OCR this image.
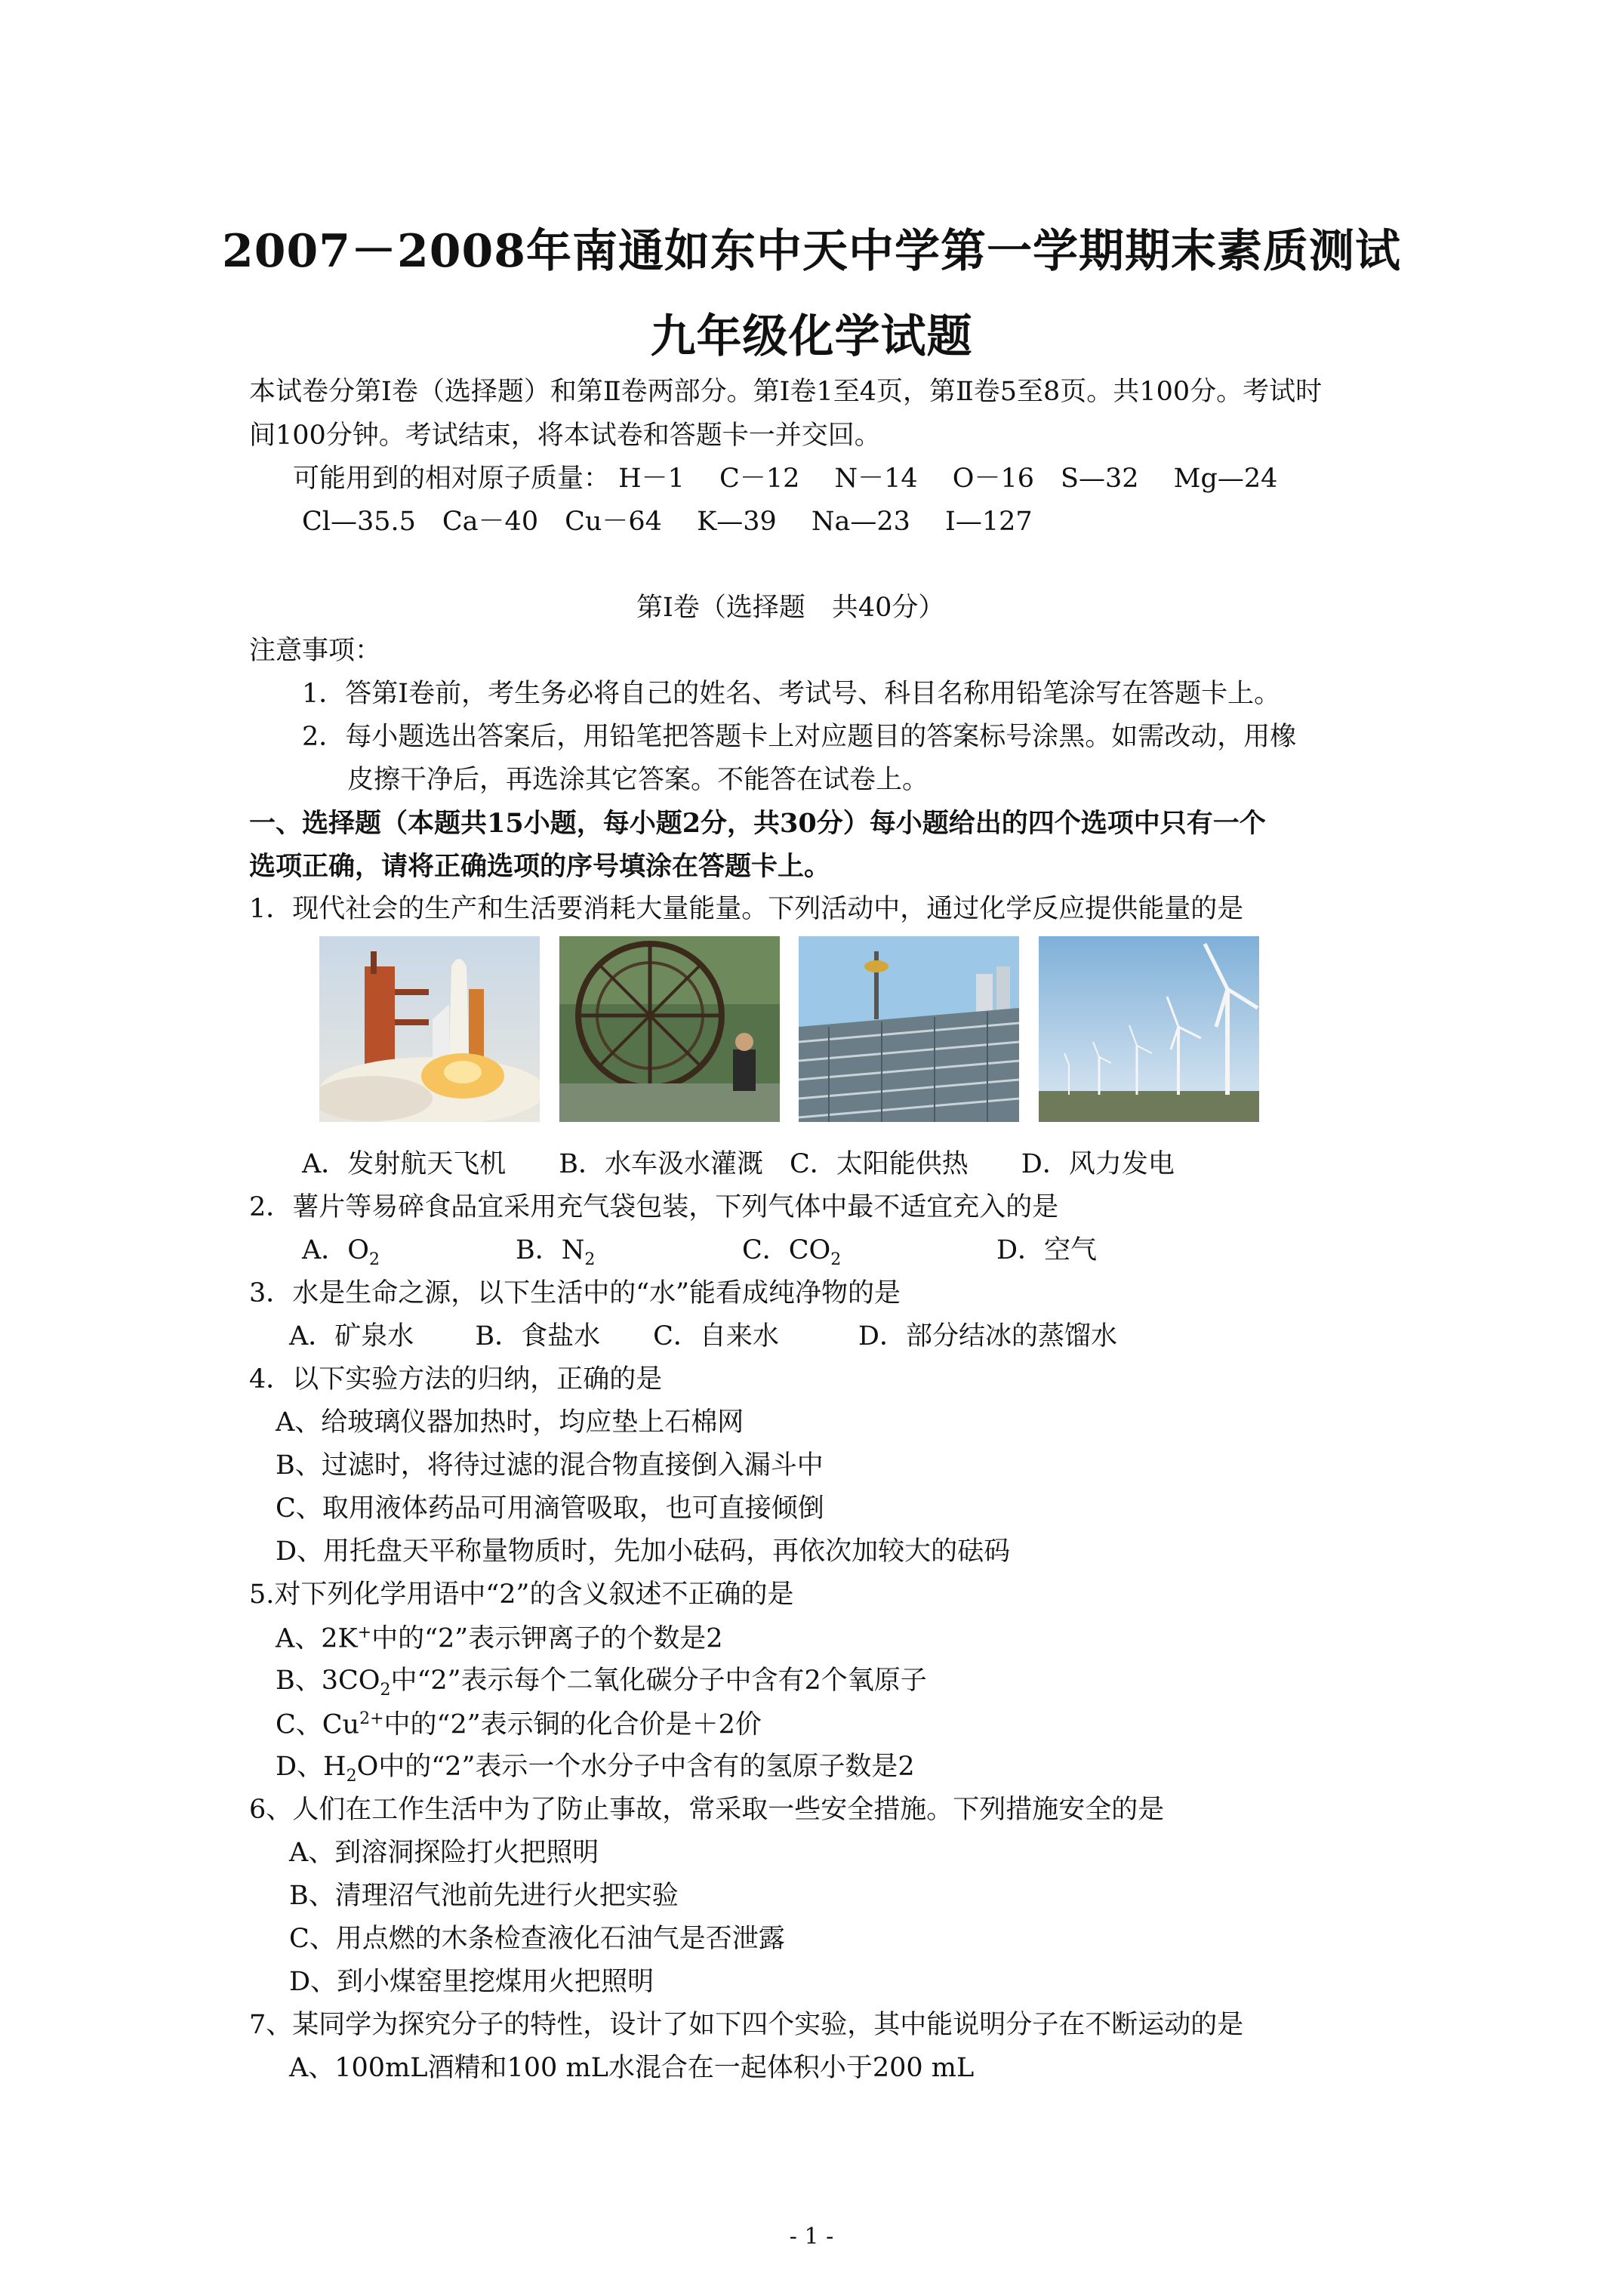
2007－2008年南通如东中天中学第一学期期末素质测试
九年级化学试题
本试卷分第Ⅰ卷（选择题）和第Ⅱ卷两部分。第Ⅰ卷1至4页，第Ⅱ卷5至8页。共100分。考试时
间100分钟。考试结束，将本试卷和答题卡一并交回。
可能用到的相对原子质量： H－1　 C－12　 N－14　 O－16　S—32　 Mg—24
Cl—35.5　Ca－40　Cu－64　 K—39　 Na—23　 I—127
第Ⅰ卷（选择题　共40分）
注意事项：
1．答第Ⅰ卷前，考生务必将自己的姓名、考试号、科目名称用铅笔涂写在答题卡上。
2．每小题选出答案后，用铅笔把答题卡上对应题目的答案标号涂黑。如需改动，用橡
皮擦干净后，再选涂其它答案。不能答在试卷上。
一、选择题（本题共15小题，每小题2分，共30分）每小题给出的四个选项中只有一个
选项正确，请将正确选项的序号填涂在答题卡上。
1．现代社会的生产和生活要消耗大量能量。下列活动中，通过化学反应提供能量的是
A．发射航天飞机　　B．水车汲水灌溉　C．太阳能供热　　D．风力发电
2．薯片等易碎食品宜采用充气袋包装，下列气体中最不适宜充入的是
A．$O_2$	B．$N_2$	C．$CO_2$	D．空气
3．水是生命之源，以下生活中的“水”能看成纯净物的是
A．矿泉水　　 B．食盐水　　C．自来水　　　D．部分结冰的蒸馏水
4．以下实验方法的归纳，正确的是
A、给玻璃仪器加热时，均应垫上石棉网
B、过滤时，将待过滤的混合物直接倒入漏斗中
C、取用液体药品可用滴管吸取，也可直接倾倒
D、用托盘天平称量物质时，先加小砝码，再依次加较大的砝码
5.对下列化学用语中“2”的含义叙述不正确的是
A、2K+中的“2”表示钾离子的个数是2
B、$3CO_2$中“2”表示每个二氧化碳分子中含有2个氧原子
C、$Cu^{2+}$中的“2”表示铜的化合价是＋2价
D、$H_2O$中的“2”表示一个水分子中含有的氢原子数是2
6、人们在工作生活中为了防止事故，常采取一些安全措施。下列措施安全的是
A、到溶洞探险打火把照明
B、清理沼气池前先进行火把实验
C、用点燃的木条检查液化石油气是否泄露
D、到小煤窑里挖煤用火把照明
7、某同学为探究分子的特性，设计了如下四个实验，其中能说明分子在不断运动的是
A、100mL酒精和100 mL水混合在一起体积小于200 mL
- 1 -
